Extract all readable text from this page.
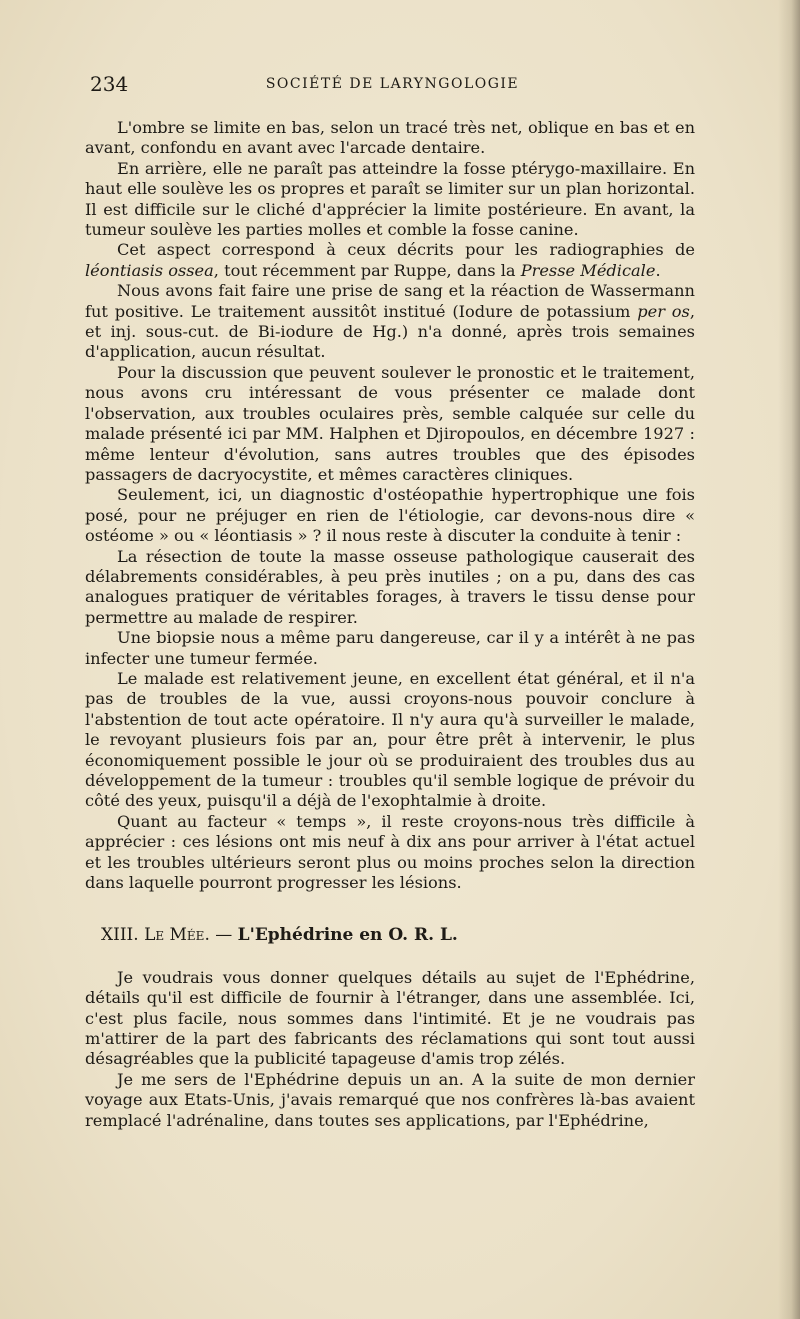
234	SOCIÉTÉ DE LARYNGOLOGIE

L'ombre se limite en bas, selon un tracé très net, oblique en bas et en avant, confondu en avant avec l'arcade dentaire.

En arrière, elle ne paraît pas atteindre la fosse ptérygo-maxillaire. En haut elle soulève les os propres et paraît se limiter sur un plan horizontal. Il est difficile sur le cliché d'apprécier la limite postérieure. En avant, la tumeur soulève les parties molles et comble la fosse canine.

Cet aspect correspond à ceux décrits pour les radiographies de léontiasis ossea, tout récemment par Ruppe, dans la Presse Médicale.

Nous avons fait faire une prise de sang et la réaction de Wassermann fut positive. Le traitement aussitôt institué (Iodure de potassium per os, et inj. sous-cut. de Bi-iodure de Hg.) n'a donné, après trois semaines d'application, aucun résultat.

Pour la discussion que peuvent soulever le pronostic et le traitement, nous avons cru intéressant de vous présenter ce malade dont l'observation, aux troubles oculaires près, semble calquée sur celle du malade présenté ici par MM. Halphen et Djiropoulos, en décembre 1927 : même lenteur d'évolution, sans autres troubles que des épisodes passagers de dacryocystite, et mêmes caractères cliniques.

Seulement, ici, un diagnostic d'ostéopathie hypertrophique une fois posé, pour ne préjuger en rien de l'étiologie, car devons-nous dire « ostéome » ou « léontiasis » ? il nous reste à discuter la conduite à tenir :

La résection de toute la masse osseuse pathologique causerait des délabrements considérables, à peu près inutiles ; on a pu, dans des cas analogues pratiquer de véritables forages, à travers le tissu dense pour permettre au malade de respirer.

Une biopsie nous a même paru dangereuse, car il y a intérêt à ne pas infecter une tumeur fermée.

Le malade est relativement jeune, en excellent état général, et il n'a pas de troubles de la vue, aussi croyons-nous pouvoir conclure à l'abstention de tout acte opératoire. Il n'y aura qu'à surveiller le malade, le revoyant plusieurs fois par an, pour être prêt à intervenir, le plus économiquement possible le jour où se produiraient des troubles dus au développement de la tumeur : troubles qu'il semble logique de prévoir du côté des yeux, puisqu'il a déjà de l'exophtalmie à droite.

Quant au facteur « temps », il reste croyons-nous très difficile à apprécier : ces lésions ont mis neuf à dix ans pour arriver à l'état actuel et les troubles ultérieurs seront plus ou moins proches selon la direction dans laquelle pourront progresser les lésions.

XIII. Le Mée. — L'Ephédrine en O. R. L.

Je voudrais vous donner quelques détails au sujet de l'Ephédrine, détails qu'il est difficile de fournir à l'étranger, dans une assemblée. Ici, c'est plus facile, nous sommes dans l'intimité. Et je ne voudrais pas m'attirer de la part des fabricants des réclamations qui sont tout aussi désagréables que la publicité tapageuse d'amis trop zélés.

Je me sers de l'Ephédrine depuis un an. A la suite de mon dernier voyage aux Etats-Unis, j'avais remarqué que nos confrères là-bas avaient remplacé l'adrénaline, dans toutes ses applications, par l'Ephédrine,
